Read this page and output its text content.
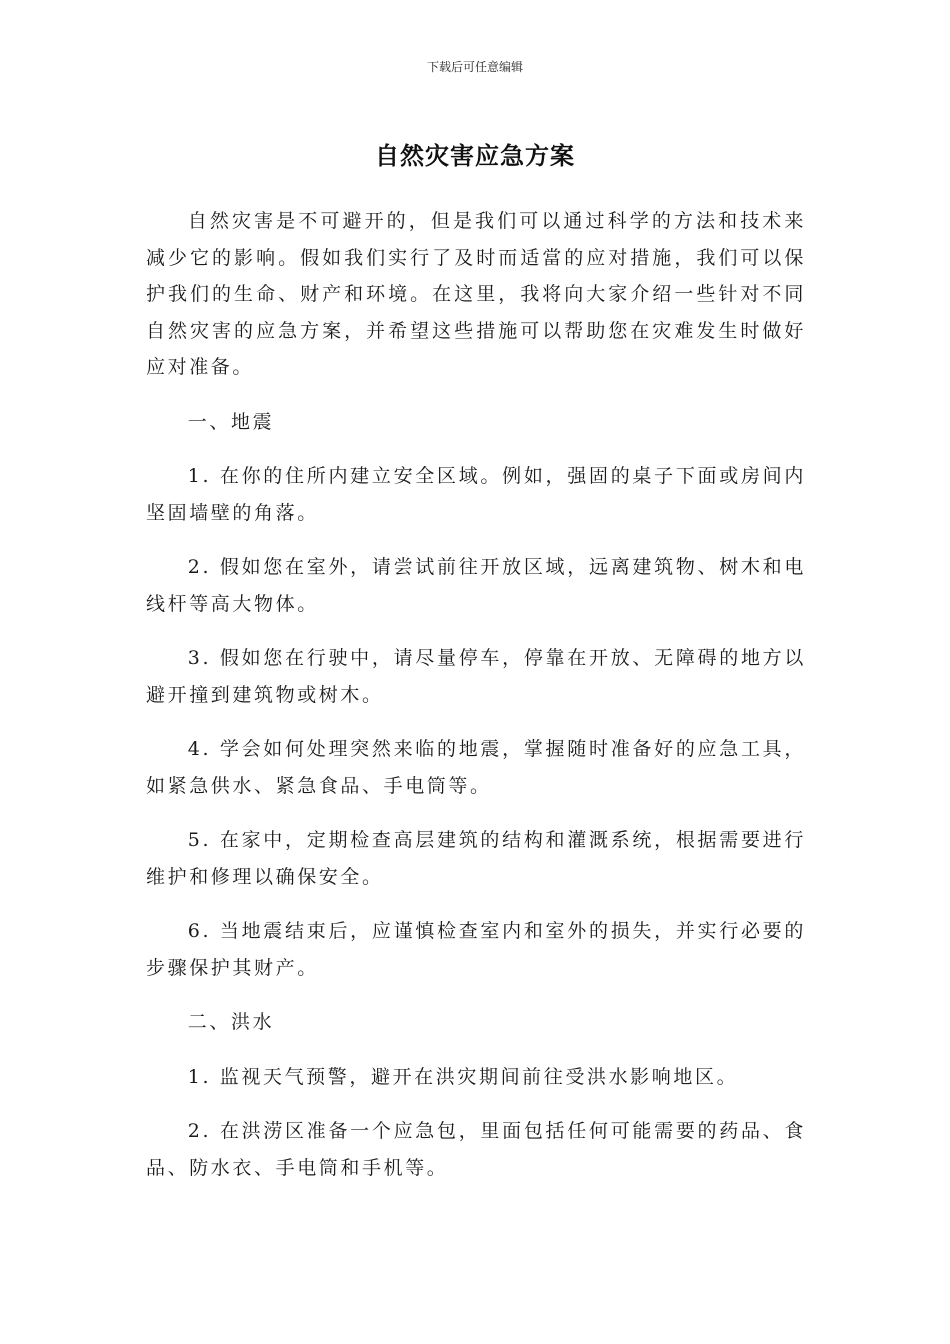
下载后可任意编辑
自然灾害应急方案

自然灾害是不可避开的，但是我们可以通过科学的方法和技术来减少它的影响。假如我们实行了及时而适當的应对措施，我们可以保护我们的生命、财产和环境。在这里，我将向大家介绍一些针对不同自然灾害的应急方案，并希望这些措施可以帮助您在灾难发生时做好应对准备。

一、地震

1. 在你的住所内建立安全区域。例如，强固的桌子下面或房间内坚固墙壁的角落。

2. 假如您在室外，请尝试前往开放区域，远离建筑物、树木和电线杆等高大物体。

3. 假如您在行驶中，请尽量停车，停靠在开放、无障碍的地方以避开撞到建筑物或树木。

4. 学会如何处理突然来临的地震，掌握随时准备好的应急工具，如紧急供水、紧急食品、手电筒等。

5. 在家中，定期检查高层建筑的结构和灌溉系统，根据需要进行维护和修理以确保安全。

6. 当地震结束后，应谨慎检查室内和室外的损失，并实行必要的步骤保护其财产。

二、洪水

1. 监视天气预警，避开在洪灾期间前往受洪水影响地区。

2. 在洪涝区准备一个应急包，里面包括任何可能需要的药品、食品、防水衣、手电筒和手机等。
